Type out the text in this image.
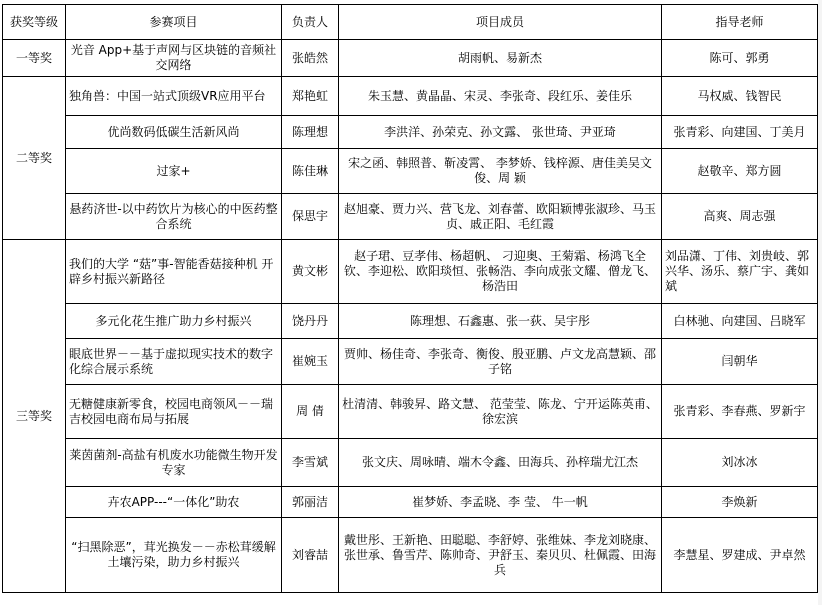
获奖等级	参赛项目	负责人	项目成员	指导老师
一等奖	光音 App+基于声网与区块链的音频社交网络	张皓然	胡雨帆、易新杰	陈可、郭勇
二等奖	独角兽：中国一站式顶级VR应用平台	郑艳虹	朱玉慧、黄晶晶、宋灵、李张奇、段红乐、姜佳乐	马权威、钱智民
	优尚数码低碳生活新风尚	陈理想	李洪洋、孙荣克、孙文露、 张世琦、尹亚琦	张青彩、向建国、丁美月
	过家+	陈佳琳	宋之函、韩照普、靳凌霄、 李梦娇、钱梓源、唐佳美吴文俊、周 颖	赵敬辛、郑方圆
	悬药济世-以中药饮片为核心的中医药整合系统	保思宇	赵旭豪、贾力兴、营飞龙、刘春蕾、欧阳颖博张淑珍、马玉贞、戚正阳、毛红霞	高爽、周志强
三等奖	我们的大学 “菇”事-智能香菇接种机 开辟乡村振兴新路径	黄文彬	赵子珺、豆孝伟、杨超帆、 刁迎奥、王菊霜、杨鸿飞全 钦、李迎松、欧阳琰恒、张畅浩、李向成张文耀、僧龙飞、杨浩田	刘品潇、丁伟、刘贵岐、郭兴华、汤乐、蔡广宇、龚如斌
	多元化花生推广助力乡村振兴	饶丹丹	陈理想、石鑫惠、张一荻、吴宇彤	白林驰、向建国、吕晓军
	眼底世界－－基于虚拟现实技术的数字化综合展示系统	崔婉玉	贾帅、杨佳奇、李张奇、衡俊、殷亚鹏、卢文龙高慧颖、邵子铭	闫朝华
	无糖健康新零食，校园电商领风－－瑞吉校园电商布局与拓展	周 倩	杜清清、韩骏昇、路文慧、 范莹莹、陈龙、宁开运陈英甫、徐宏滨	张青彩、李春燕、罗新宇
	莱茵菌剂-高盐有机废水功能微生物开发专家	李雪斌	张文庆、周咏晴、端木令鑫、田海兵、孙梓瑞尤江杰	刘冰冰
	卉农APP---“一体化”助农	郭丽洁	崔梦娇、李孟晓、李 莹、 牛一帆	李焕新
	“扫黑除恶”，茸光换发－－赤松茸缓解土壤污染，助力乡村振兴	刘睿喆	戴世彤、王新艳、田聪聪、李舒婷、张维妹、李龙刘晓康、张世承、鲁雪芹、陈帅奇、尹舒玉、秦贝贝、杜佩霞、田海兵	李慧星、罗建成、尹卓然
